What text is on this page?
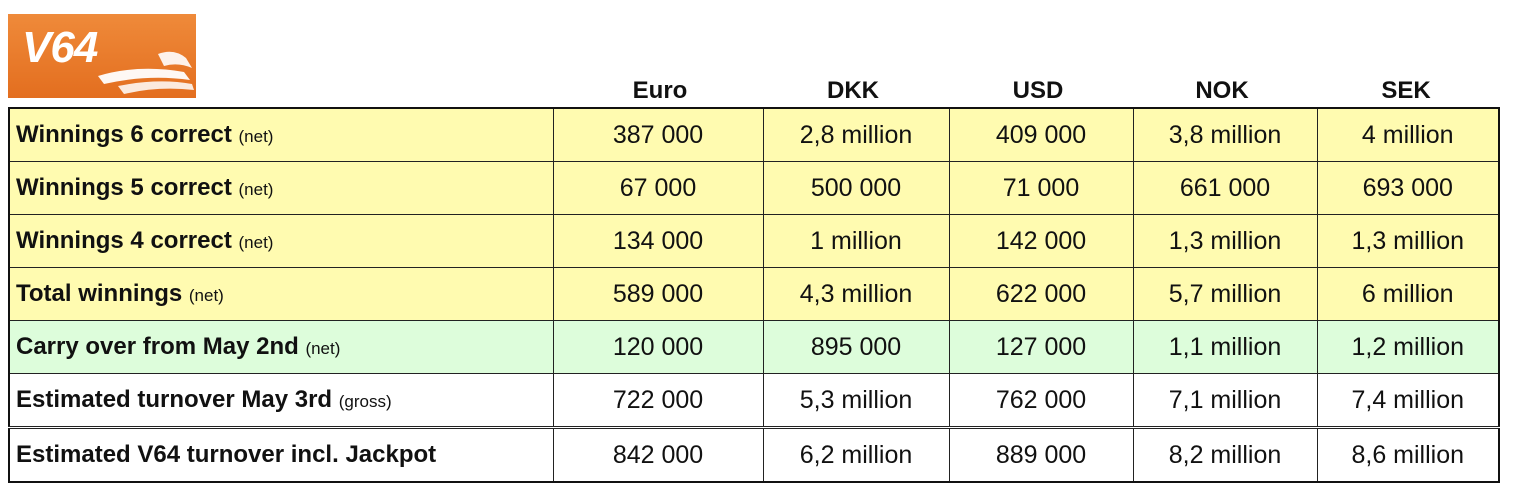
V64
Euro	DKK	USD	NOK	SEK
Winnings 6 correct (net)	387 000	2,8 million	409 000	3,8 million	4 million
Winnings 5 correct (net)	67 000	500 000	71 000	661 000	693 000
Winnings 4 correct (net)	134 000	1 million	142 000	1,3 million	1,3 million
Total winnings (net)	589 000	4,3 million	622 000	5,7 million	6 million
Carry over from May 2nd (net)	120 000	895 000	127 000	1,1 million	1,2 million
Estimated turnover May 3rd (gross)	722 000	5,3 million	762 000	7,1 million	7,4 million
Estimated V64 turnover incl. Jackpot	842 000	6,2 million	889 000	8,2 million	8,6 million
